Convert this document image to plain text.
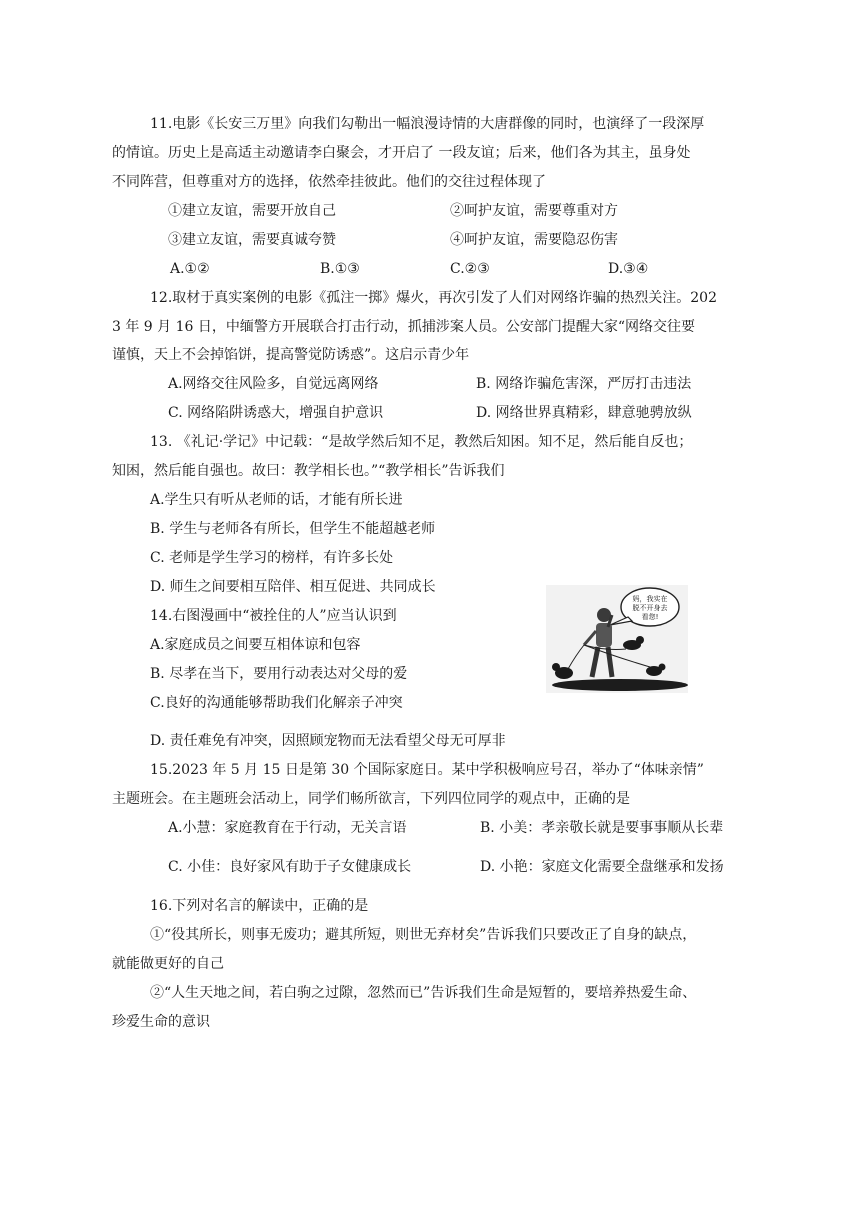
11.电影《长安三万里》向我们勾勒出一幅浪漫诗情的大唐群像的同时，也演绎了一段深厚
的情谊。历史上是高适主动邀请李白聚会，才开启了 一段友谊；后来，他们各为其主，虽身处
不同阵营，但尊重对方的选择，依然牵挂彼此。他们的交往过程体现了
①建立友谊，需要开放自己	②呵护友谊，需要尊重对方
③建立友谊，需要真诚夸赞	④呵护友谊，需要隐忍伤害
A.①②	B.①③	C.②③	D.③④
12.取材于真实案例的电影《孤注一掷》爆火，再次引发了人们对网络诈骗的热烈关注。202
3 年 9 月 16 日，中缅警方开展联合打击行动，抓捕涉案人员。公安部门提醒大家“网络交往要
谨慎，天上不会掉馅饼，提高警觉防诱惑”。这启示青少年
A.网络交往风险多，自觉远离网络	B. 网络诈骗危害深，严厉打击违法
C. 网络陷阱诱惑大，增强自护意识	D. 网络世界真精彩，肆意驰骋放纵
13. 《礼记·学记》中记载：“是故学然后知不足，教然后知困。知不足，然后能自反也；
知困，然后能自强也。故曰：教学相长也。”“教学相长”告诉我们
A.学生只有听从老师的话，才能有所长进
B. 学生与老师各有所长，但学生不能超越老师
C. 老师是学生学习的榜样，有许多长处
D. 师生之间要相互陪伴、相互促进、共同成长
14.右图漫画中“被拴住的人”应当认识到
A.家庭成员之间要互相体谅和包容
B. 尽孝在当下，要用行动表达对父母的爱
C.良好的沟通能够帮助我们化解亲子冲突
D. 责任难免有冲突，因照顾宠物而无法看望父母无可厚非
妈，我实在
脱不开身去
看您!
15.2023 年 5 月 15 日是第 30 个国际家庭日。某中学积极响应号召，举办了“体味亲情”
主题班会。在主题班会活动上，同学们畅所欲言，下列四位同学的观点中，正确的是
A.小慧：家庭教育在于行动，无关言语	B. 小美：孝亲敬长就是要事事顺从长辈
C. 小佳：良好家风有助于子女健康成长	D. 小艳：家庭文化需要全盘继承和发扬
16.下列对名言的解读中，正确的是
①“役其所长，则事无废功；避其所短，则世无弃材矣”告诉我们只要改正了自身的缺点，
就能做更好的自己
②“人生天地之间，若白驹之过隙，忽然而已”告诉我们生命是短暂的，要培养热爱生命、
珍爱生命的意识
